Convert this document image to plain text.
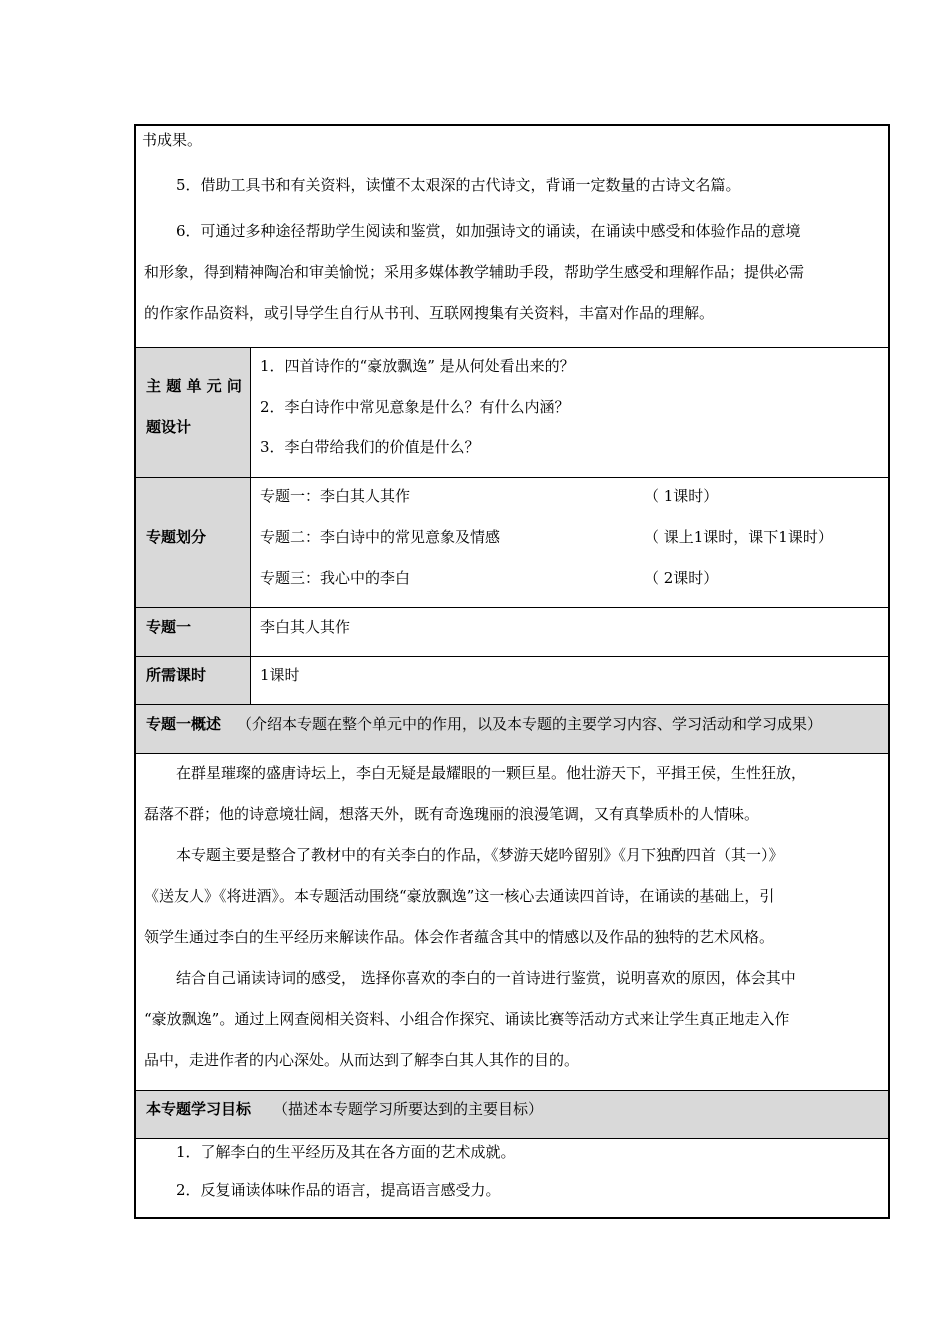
书成果。
5．借助工具书和有关资料，读懂不太艰深的古代诗文，背诵一定数量的古诗文名篇。
6．可通过多种途径帮助学生阅读和鉴赏，如加强诗文的诵读，在诵读中感受和体验作品的意境
和形象，得到精神陶冶和审美愉悦；采用多媒体教学辅助手段，帮助学生感受和理解作品；提供必需
的作家作品资料，或引导学生自行从书刊、互联网搜集有关资料，丰富对作品的理解。
主 题 单 元 问
题设计
1．四首诗作的“豪放飘逸” 是从何处看出来的？
2．李白诗作中常见意象是什么？有什么内涵？
3．李白带给我们的价值是什么？
专题划分
专题一：李白其人其作	（ 1课时）
专题二：李白诗中的常见意象及情感	（ 课上1课时，课下1课时）
专题三：我心中的李白	（ 2课时）
专题一	李白其人其作
所需课时	1课时
专题一概述 （介绍本专题在整个单元中的作用，以及本专题的主要学习内容、学习活动和学习成果）
在群星璀璨的盛唐诗坛上，李白无疑是最耀眼的一颗巨星。他壮游天下，平揖王侯，生性狂放，
磊落不群；他的诗意境壮阔，想落天外，既有奇逸瑰丽的浪漫笔调，又有真挚质朴的人情味。
本专题主要是整合了教材中的有关李白的作品，《梦游天姥吟留别》《月下独酌四首（其一）》
《送友人》《将进酒》。本专题活动围绕“豪放飘逸”这一核心去通读四首诗，在诵读的基础上，引
领学生通过李白的生平经历来解读作品。体会作者蕴含其中的情感以及作品的独特的艺术风格。
结合自己诵读诗词的感受， 选择你喜欢的李白的一首诗进行鉴赏，说明喜欢的原因，体会其中
“豪放飘逸”。通过上网查阅相关资料、小组合作探究、诵读比赛等活动方式来让学生真正地走入作
品中，走进作者的内心深处。从而达到了解李白其人其作的目的。
本专题学习目标 （描述本专题学习所要达到的主要目标）
1．了解李白的生平经历及其在各方面的艺术成就。
2．反复诵读体味作品的语言，提高语言感受力。
